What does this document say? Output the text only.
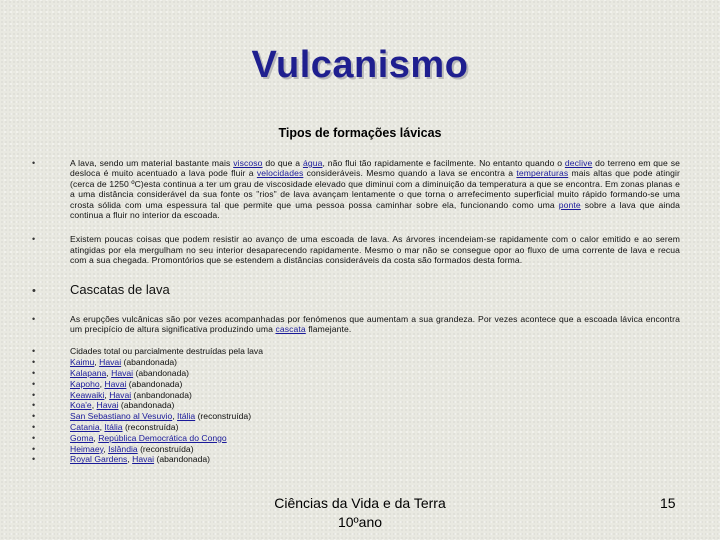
Vulcanismo
Tipos de formações lávicas
• A lava, sendo um material bastante mais viscoso do que a água, não flui tão rapidamente e facilmente. No entanto quando o declive do terreno em que se desloca é muito acentuado a lava pode fluir a velocidades consideráveis. Mesmo quando a lava se encontra a temperaturas mais altas que pode atingir (cerca de 1250 ºC)esta continua a ter um grau de viscosidade elevado que diminui com a diminuição da temperatura a que se encontra. Em zonas planas e a uma distância considerável da sua fonte os "rios" de lava avançam lentamente o que torna o arrefecimento superficial muito rápido formando-se uma crosta sólida com uma espessura tal que permite que uma pessoa possa caminhar sobre ela, funcionando como uma ponte sobre a lava que ainda continua a fluir no interior da escoada.
• Existem poucas coisas que podem resistir ao avanço de uma escoada de lava. As árvores incendeiam-se rapidamente com o calor emitido e ao serem atingidas por ela mergulham no seu interior desaparecendo rapidamente. Mesmo o mar não se consegue opor ao fluxo de uma corrente de lava e recua com a sua chegada. Promontórios que se estendem a distâncias consideráveis da costa são formados desta forma.
• Cascatas de lava
• As erupções vulcânicas são por vezes acompanhadas por fenómenos que aumentam a sua grandeza. Por vezes acontece que a escoada lávica encontra um precipício de altura significativa produzindo uma cascata flamejante.
• Cidades total ou parcialmente destruídas pela lava
• Kaimu, Havai (abandonada)
• Kalapana, Havai (abandonada)
• Kapoho, Havai (abandonada)
• Keawaiki, Havai (anbandonada)
• Koa'e, Havai (abandonada)
• San Sebastiano al Vesuvio, Itália (reconstruída)
• Catania, Itália (reconstruída)
• Goma, República Democrática do Congo
• Heimaey, Islândia (reconstruída)
• Royal Gardens, Havai (abandonada)
Ciências da Vida e da Terra
10ºano
15
